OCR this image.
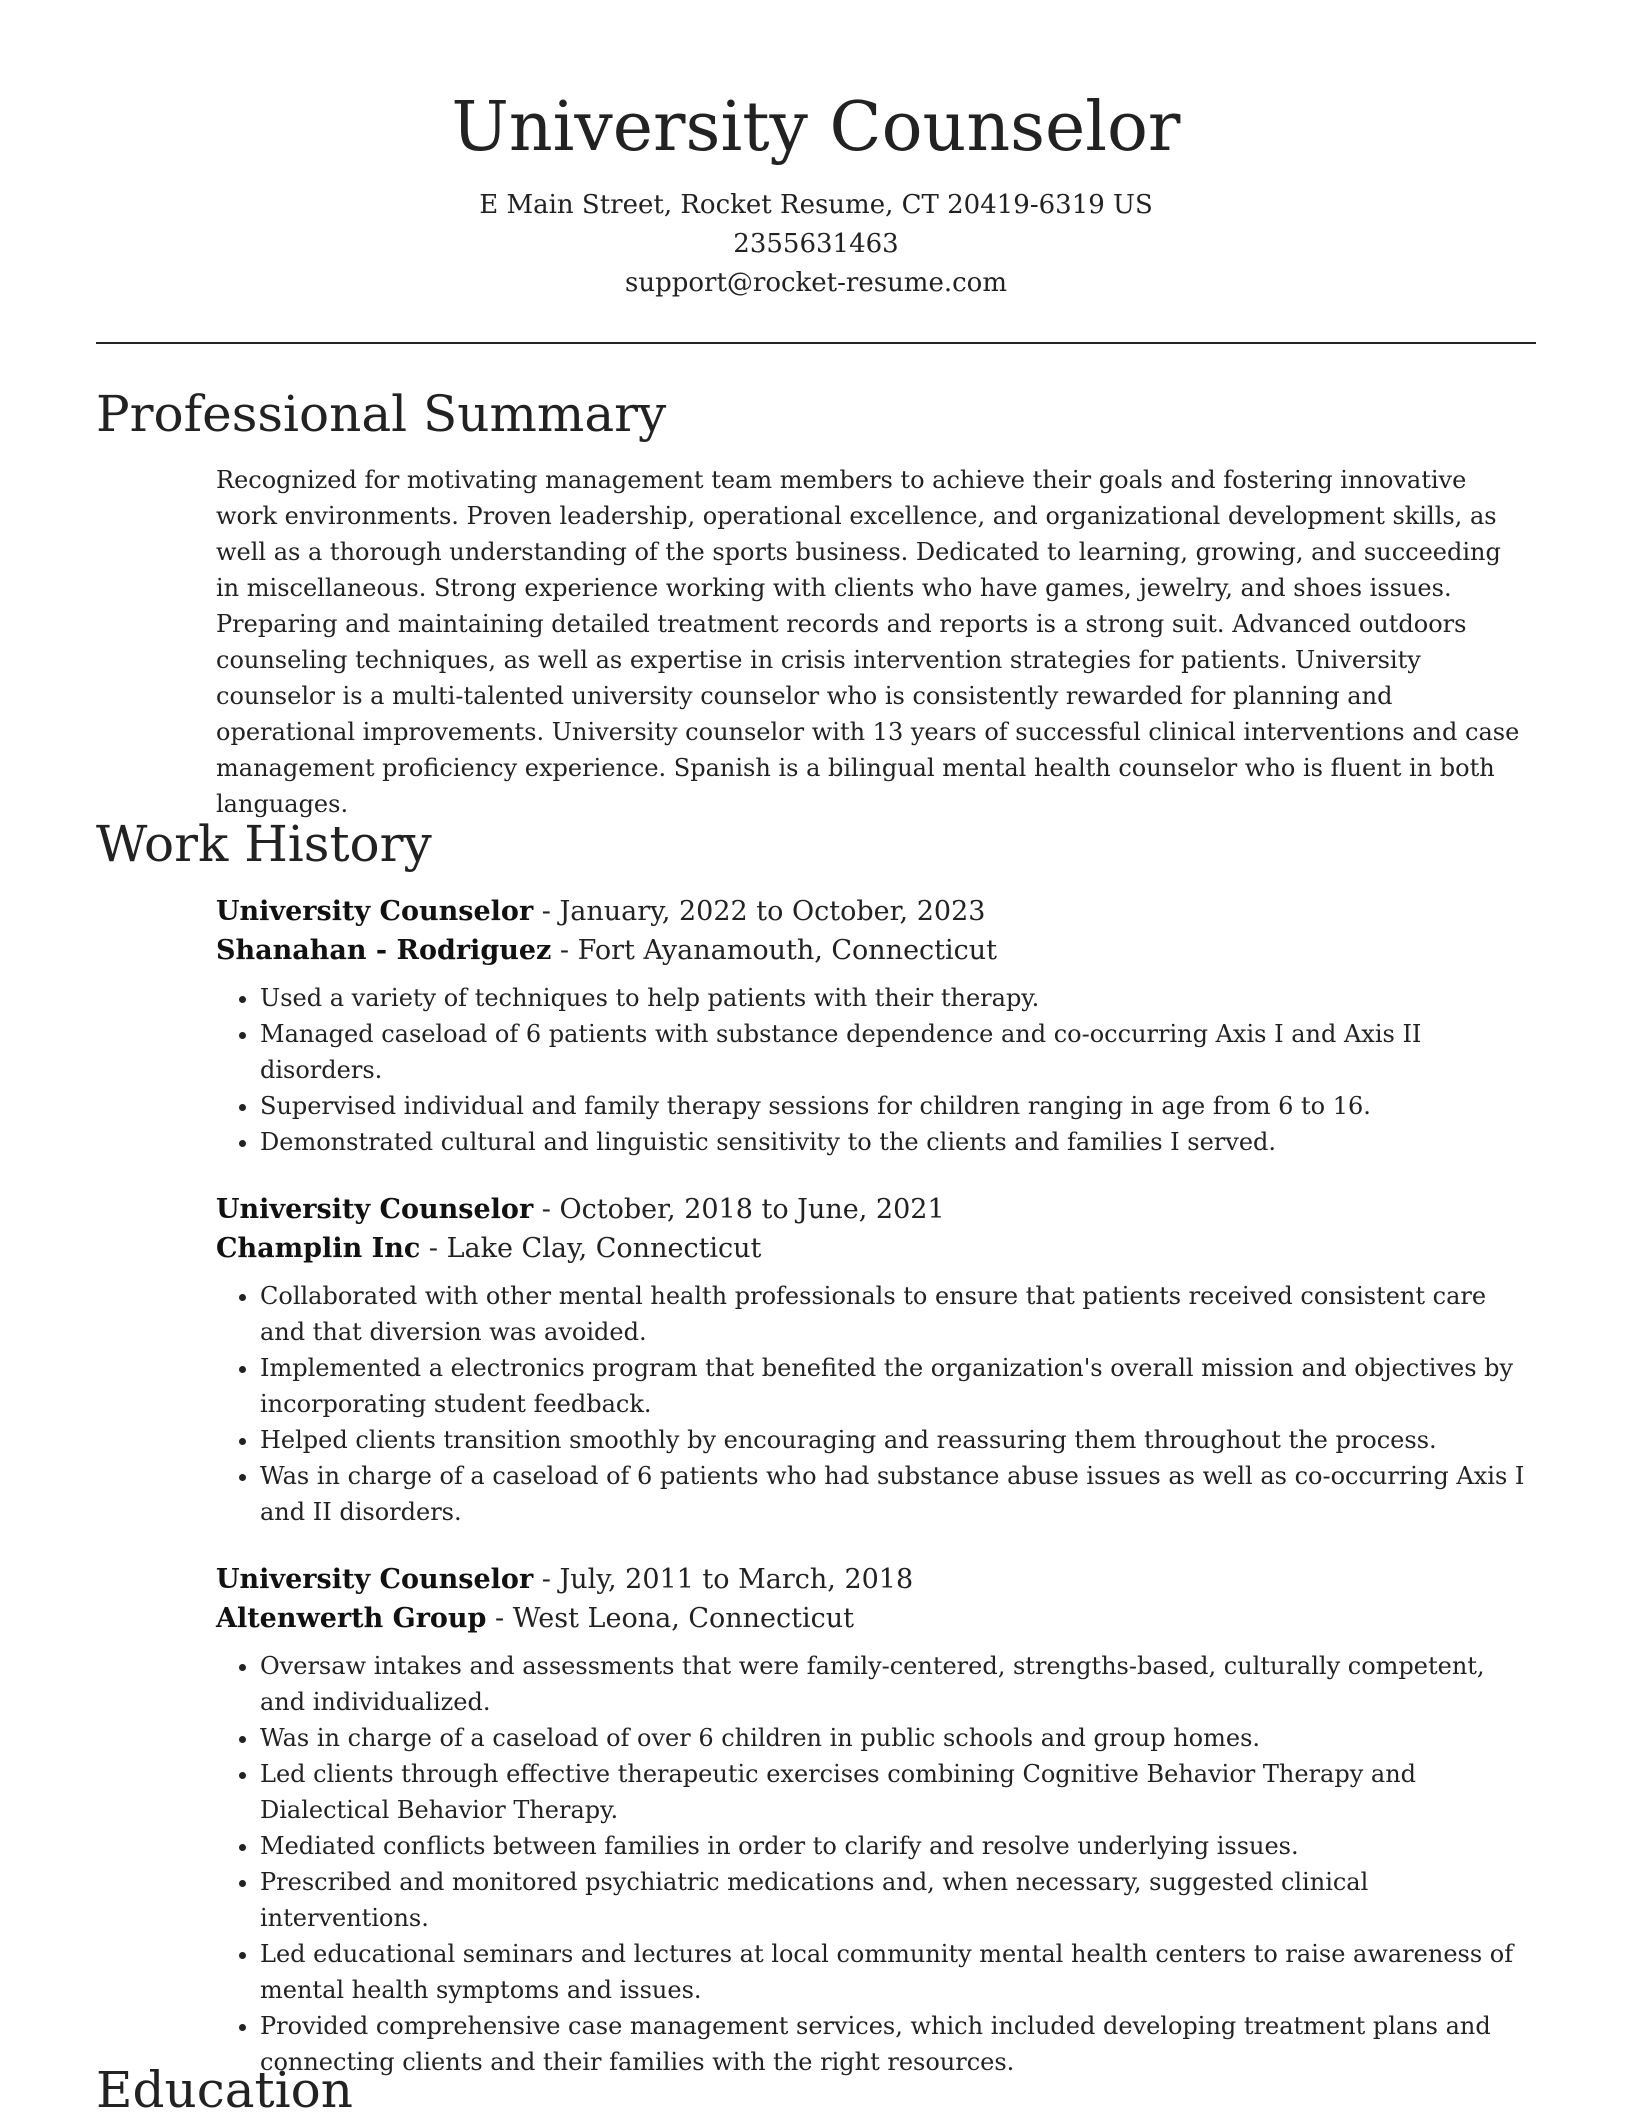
University Counselor
E Main Street, Rocket Resume, CT 20419-6319 US
2355631463
support@rocket-resume.com
Professional Summary

Recognized for motivating management team members to achieve their goals and fostering innovative work environments. Proven leadership, operational excellence, and organizational development skills, as well as a thorough understanding of the sports business. Dedicated to learning, growing, and succeeding in miscellaneous. Strong experience working with clients who have games, jewelry, and shoes issues. Preparing and maintaining detailed treatment records and reports is a strong suit. Advanced outdoors counseling techniques, as well as expertise in crisis intervention strategies for patients. University counselor is a multi-talented university counselor who is consistently rewarded for planning and operational improvements. University counselor with 13 years of successful clinical interventions and case management proficiency experience. Spanish is a bilingual mental health counselor who is fluent in both languages.

Work History
University Counselor - January, 2022 to October, 2023
Shanahan - Rodriguez - Fort Ayanamouth, Connecticut
• Used a variety of techniques to help patients with their therapy.
• Managed caseload of 6 patients with substance dependence and co-occurring Axis I and Axis II disorders.
• Supervised individual and family therapy sessions for children ranging in age from 6 to 16.
• Demonstrated cultural and linguistic sensitivity to the clients and families I served.
University Counselor - October, 2018 to June, 2021
Champlin Inc - Lake Clay, Connecticut
• Collaborated with other mental health professionals to ensure that patients received consistent care and that diversion was avoided.
• Implemented a electronics program that benefited the organization's overall mission and objectives by incorporating student feedback.
• Helped clients transition smoothly by encouraging and reassuring them throughout the process.
• Was in charge of a caseload of 6 patients who had substance abuse issues as well as co-occurring Axis I and II disorders.
University Counselor - July, 2011 to March, 2018
Altenwerth Group - West Leona, Connecticut
• Oversaw intakes and assessments that were family-centered, strengths-based, culturally competent, and individualized.
• Was in charge of a caseload of over 6 children in public schools and group homes.
• Led clients through effective therapeutic exercises combining Cognitive Behavior Therapy and Dialectical Behavior Therapy.
• Mediated conflicts between families in order to clarify and resolve underlying issues.
• Prescribed and monitored psychiatric medications and, when necessary, suggested clinical interventions.
• Led educational seminars and lectures at local community mental health centers to raise awareness of mental health symptoms and issues.
• Provided comprehensive case management services, which included developing treatment plans and connecting clients and their families with the right resources.
Education
